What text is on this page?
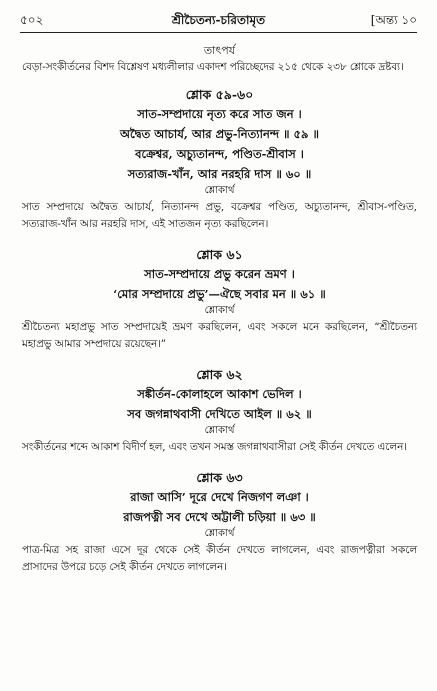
৫০২	শ্রীচৈতন্য-চরিতামৃত	[অন্ত্য ১০
তাৎপর্য

বেড়া-সংকীর্তনের বিশদ বিশ্লেষণ মধ্যলীলার একাদশ পরিচ্ছেদের ২১৫ থেকে ২৩৮ শ্লোকে দ্রষ্টব্য।

শ্লোক ৫৯-৬০
সাত-সম্প্রদায়ে নৃত্য করে সাত জন ।
অদ্বৈত আচার্য, আর প্রভু-নিত্যানন্দ ॥ ৫৯ ॥
বক্রেশ্বর, অচ্যুতানন্দ, পণ্ডিত-শ্রীবাস ।
সত্যরাজ-খাঁন, আর নরহরি দাস ॥ ৬০ ॥
শ্লোকার্থ

সাত সম্প্রদায়ে অদ্বৈত আচার্য, নিত্যানন্দ প্রভু, বক্রেশ্বর পণ্ডিত, অচ্যুতানন্দ, শ্রীবাস-পণ্ডিত, সত্যরাজ-খাঁন আর নরহরি দাস, এই সাতজন নৃত্য করছিলেন।

শ্লোক ৬১
সাত-সম্প্রদায়ে প্রভু করেন ভ্রমণ ।
‘মোর সম্প্রদায়ে প্রভু’—ঐছে সবার মন ॥ ৬১ ॥
শ্লোকার্থ

শ্রীচৈতন্য মহাপ্রভু সাত সম্প্রদায়েই ভ্রমণ করছিলেন, এবং সকলে মনে করছিলেন, “শ্রীচৈতন্য মহাপ্রভু আমার সম্প্রদায়ে রয়েছেন।”

শ্লোক ৬২
সঙ্কীর্তন-কোলাহলে আকাশ ভেদিল ।
সব জগন্নাথবাসী দেখিতে আইল ॥ ৬২ ॥
শ্লোকার্থ

সংকীর্তনের শব্দে আকাশ বিদীর্ণ হল, এবং তখন সমস্ত জগন্নাথবাসীরা সেই কীর্তন দেখতে এলেন।

শ্লোক ৬৩
রাজা আসি’ দূরে দেখে নিজগণ লঞা ।
রাজপত্নী সব দেখে অট্টালী চড়িয়া ॥ ৬৩ ॥
শ্লোকার্থ

পাত্র-মিত্র সহ রাজা এসে দূর থেকে সেই কীর্তন দেখতে লাগলেন, এবং রাজপত্নীরা সকলে প্রাসাদের উপরে চড়ে সেই কীর্তন দেখতে লাগলেন।
